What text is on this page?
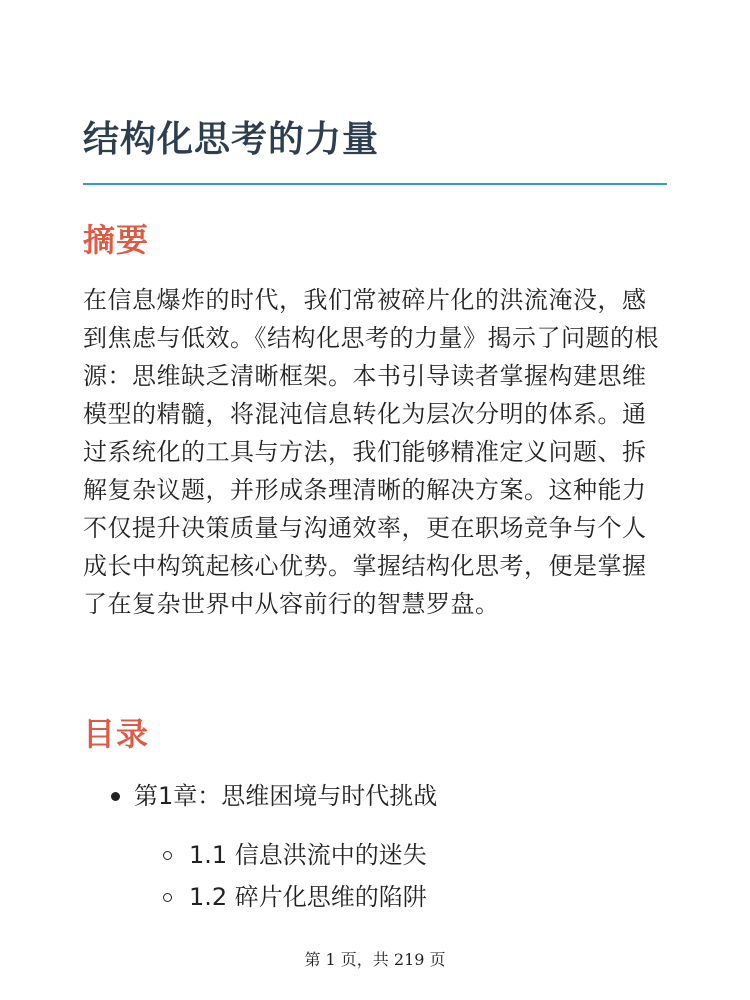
结构化思考的力量
摘要

在信息爆炸的时代，我们常被碎片化的洪流淹没，感到焦虑与低效。《结构化思考的力量》揭示了问题的根源：思维缺乏清晰框架。本书引导读者掌握构建思维模型的精髓，将混沌信息转化为层次分明的体系。通过系统化的工具与方法，我们能够精准定义问题、拆解复杂议题，并形成条理清晰的解决方案。这种能力不仅提升决策质量与沟通效率，更在职场竞争与个人成长中构筑起核心优势。掌握结构化思考，便是掌握了在复杂世界中从容前行的智慧罗盘。

目录
第1章：思维困境与时代挑战
1.1 信息洪流中的迷失
1.2 碎片化思维的陷阱
第 1 页，共 219 页
